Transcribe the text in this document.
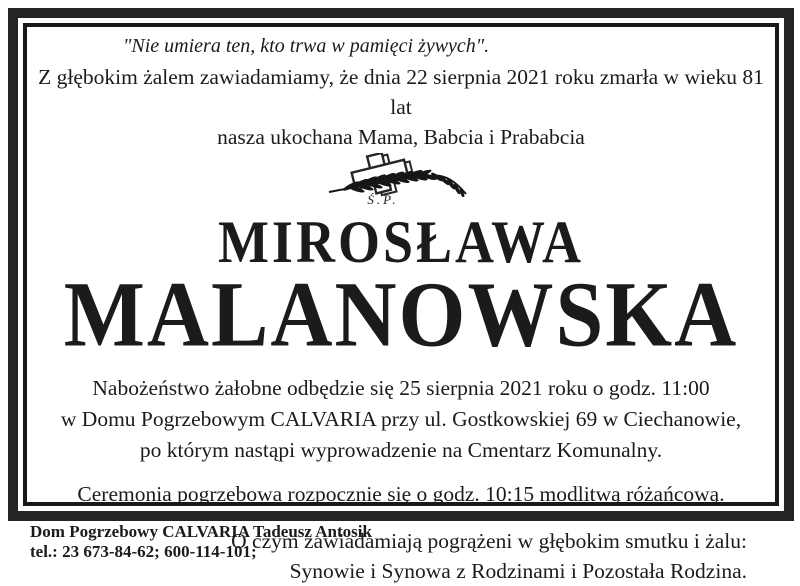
"Nie umiera ten, kto trwa w pamięci żywych".
Z głębokim żalem zawiadamiamy, że dnia 22 sierpnia 2021 roku zmarła w wieku 81 lat
nasza ukochana Mama, Babcia i Prababcia
Ś.P.
MIROSŁAWA
MALANOWSKA
Nabożeństwo żałobne odbędzie się 25 sierpnia 2021 roku o godz. 11:00
w Domu Pogrzebowym CALVARIA przy ul. Gostkowskiej 69 w Ciechanowie,
po którym nastąpi wyprowadzenie na Cmentarz Komunalny.
Ceremonia pogrzebowa rozpocznie się o godz. 10:15 modlitwą różańcową.
O czym zawiadamiają pogrążeni w głębokim smutku i żalu:
Synowie i Synowa z Rodzinami i Pozostała Rodzina.
Dom Pogrzebowy CALVARIA Tadeusz Antosik
tel.: 23 673-84-62; 600-114-101;
